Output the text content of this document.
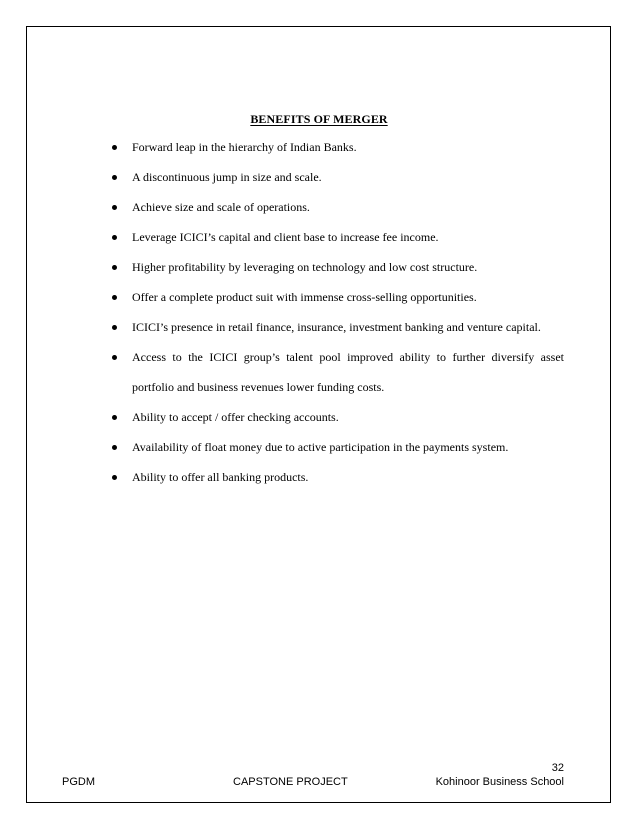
BENEFITS OF MERGER
Forward leap in the hierarchy of Indian Banks.
A discontinuous jump in size and scale.
Achieve size and scale of operations.
Leverage ICICI’s capital and client base to increase fee income.
Higher profitability by leveraging on technology and low cost structure.
Offer a complete product suit with immense cross-selling opportunities.
ICICI’s presence in retail finance, insurance, investment banking and venture capital.
Access to the ICICI group’s talent pool improved ability to further diversify asset portfolio and business revenues lower funding costs.
Ability to accept / offer checking accounts.
Availability of float money due to active participation in the payments system.
Ability to offer all banking products.
32
PGDM	CAPSTONE PROJECT	Kohinoor Business School
